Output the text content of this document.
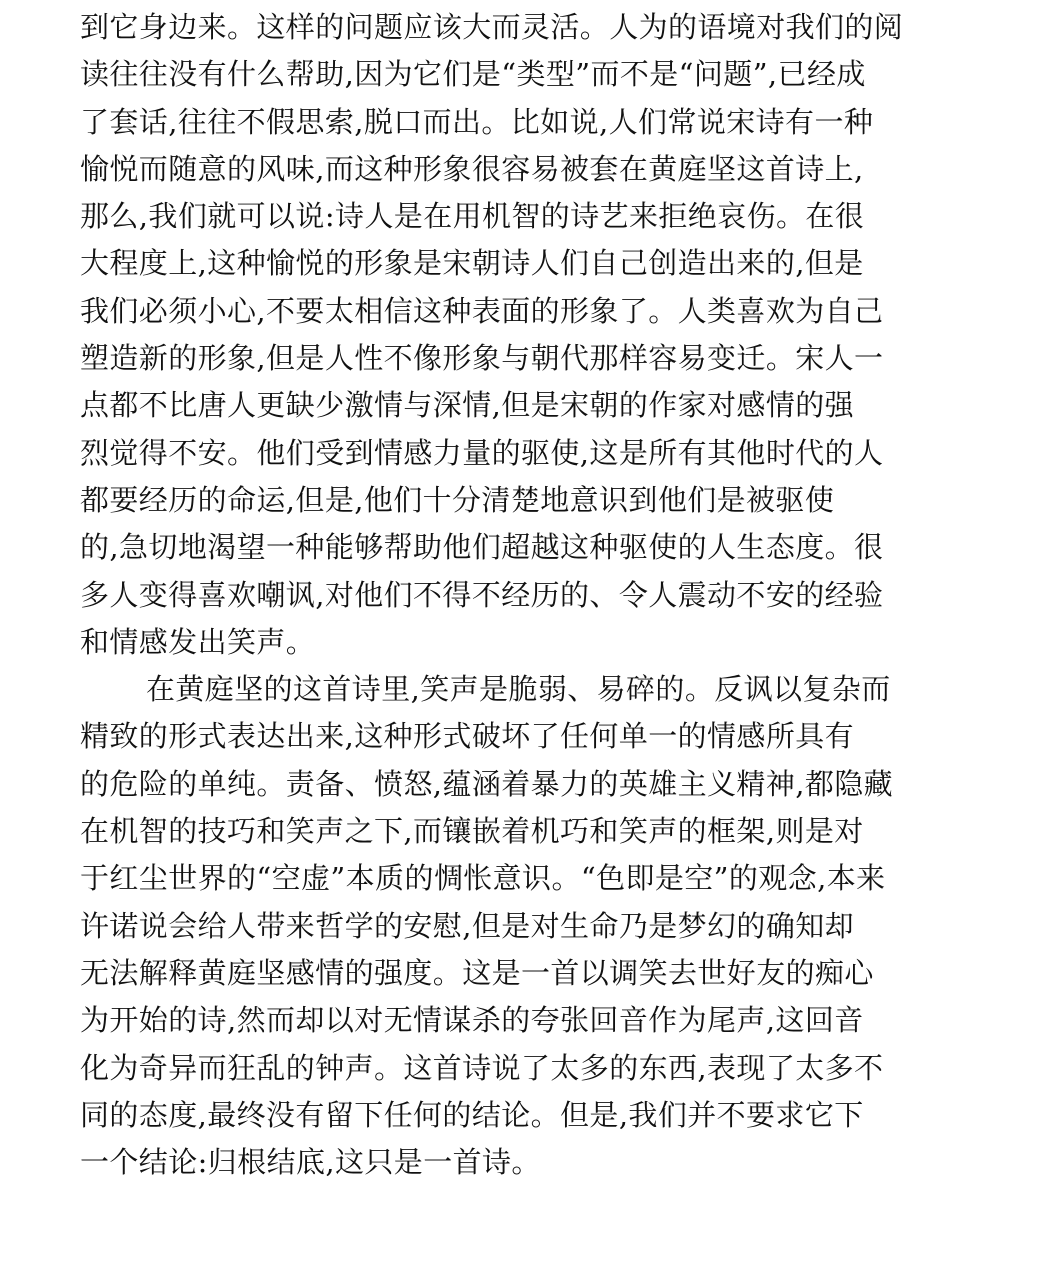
到它身边来。这样的问题应该大而灵活。人为的语境对我们的阅
读往往没有什么帮助,因为它们是“类型”而不是“问题”,已经成
了套话,往往不假思索,脱口而出。比如说,人们常说宋诗有一种
愉悦而随意的风味,而这种形象很容易被套在黄庭坚这首诗上,
那么,我们就可以说:诗人是在用机智的诗艺来拒绝哀伤。在很
大程度上,这种愉悦的形象是宋朝诗人们自己创造出来的,但是
我们必须小心,不要太相信这种表面的形象了。人类喜欢为自己
塑造新的形象,但是人性不像形象与朝代那样容易变迁。宋人一
点都不比唐人更缺少激情与深情,但是宋朝的作家对感情的强
烈觉得不安。他们受到情感力量的驱使,这是所有其他时代的人
都要经历的命运,但是,他们十分清楚地意识到他们是被驱使
的,急切地渴望一种能够帮助他们超越这种驱使的人生态度。很
多人变得喜欢嘲讽,对他们不得不经历的、令人震动不安的经验
和情感发出笑声。
在黄庭坚的这首诗里,笑声是脆弱、易碎的。反讽以复杂而
精致的形式表达出来,这种形式破坏了任何单一的情感所具有
的危险的单纯。责备、愤怒,蕴涵着暴力的英雄主义精神,都隐藏
在机智的技巧和笑声之下,而镶嵌着机巧和笑声的框架,则是对
于红尘世界的“空虚”本质的惆怅意识。“色即是空”的观念,本来
许诺说会给人带来哲学的安慰,但是对生命乃是梦幻的确知却
无法解释黄庭坚感情的强度。这是一首以调笑去世好友的痴心
为开始的诗,然而却以对无情谋杀的夸张回音作为尾声,这回音
化为奇异而狂乱的钟声。这首诗说了太多的东西,表现了太多不
同的态度,最终没有留下任何的结论。但是,我们并不要求它下
一个结论:归根结底,这只是一首诗。
